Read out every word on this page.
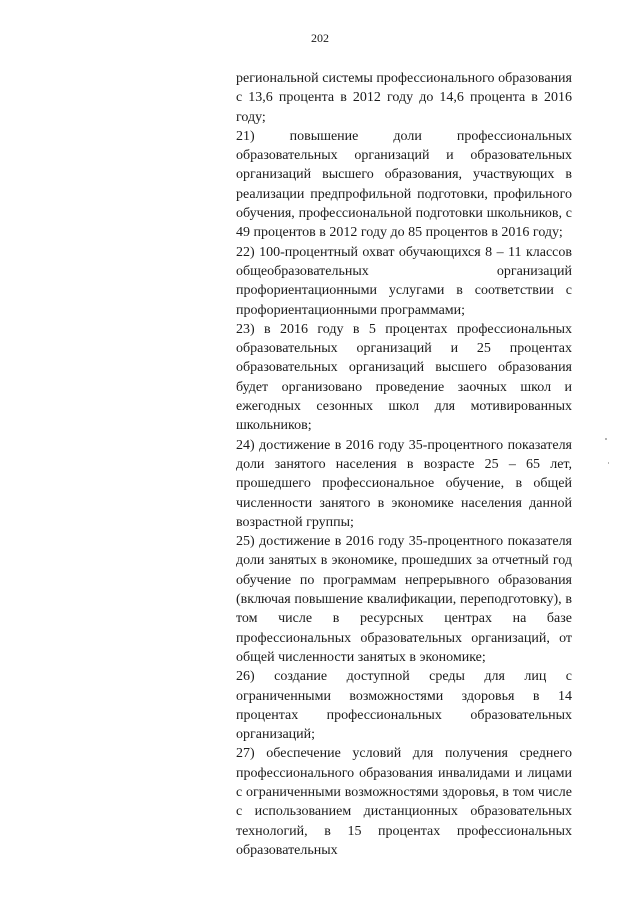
202

региональной системы профессионального образования с 13,6 процента в 2012 году до 14,6 процента в 2016 году;

21) повышение доли профессиональных образовательных организаций и образовательных организаций высшего образования, участвующих в реализации предпрофильной подготовки, профильного обучения, профессиональной подготовки школьников, с 49 процентов в 2012 году до 85 процентов в 2016 году;

22) 100-процентный охват обучающихся 8 – 11 классов общеобразовательных организаций профориентационными услугами в соответствии с профориентационными программами;

23) в 2016 году в 5 процентах профессиональных образовательных организаций и 25 процентах образовательных организаций высшего образования будет организовано проведение заочных школ и ежегодных сезонных школ для мотивированных школьников;

24) достижение в 2016 году 35-процентного показателя доли занятого населения в возрасте 25 – 65 лет, прошедшего профессиональное обучение, в общей численности занятого в экономике населения данной возрастной группы;

25) достижение в 2016 году 35-процентного показателя доли занятых в экономике, прошедших за отчетный год обучение по программам непрерывного образования (включая повышение квалификации, переподготовку), в том числе в ресурсных центрах на базе профессиональных образовательных организаций, от общей численности занятых в экономике;

26) создание доступной среды для лиц с ограниченными возможностями здоровья в 14 процентах профессиональных образовательных организаций;

27) обеспечение условий для получения среднего профессионального образования инвалидами и лицами с ограниченными возможностями здоровья, в том числе с использованием дистанционных образовательных технологий, в 15 процентах профессиональных образовательных
